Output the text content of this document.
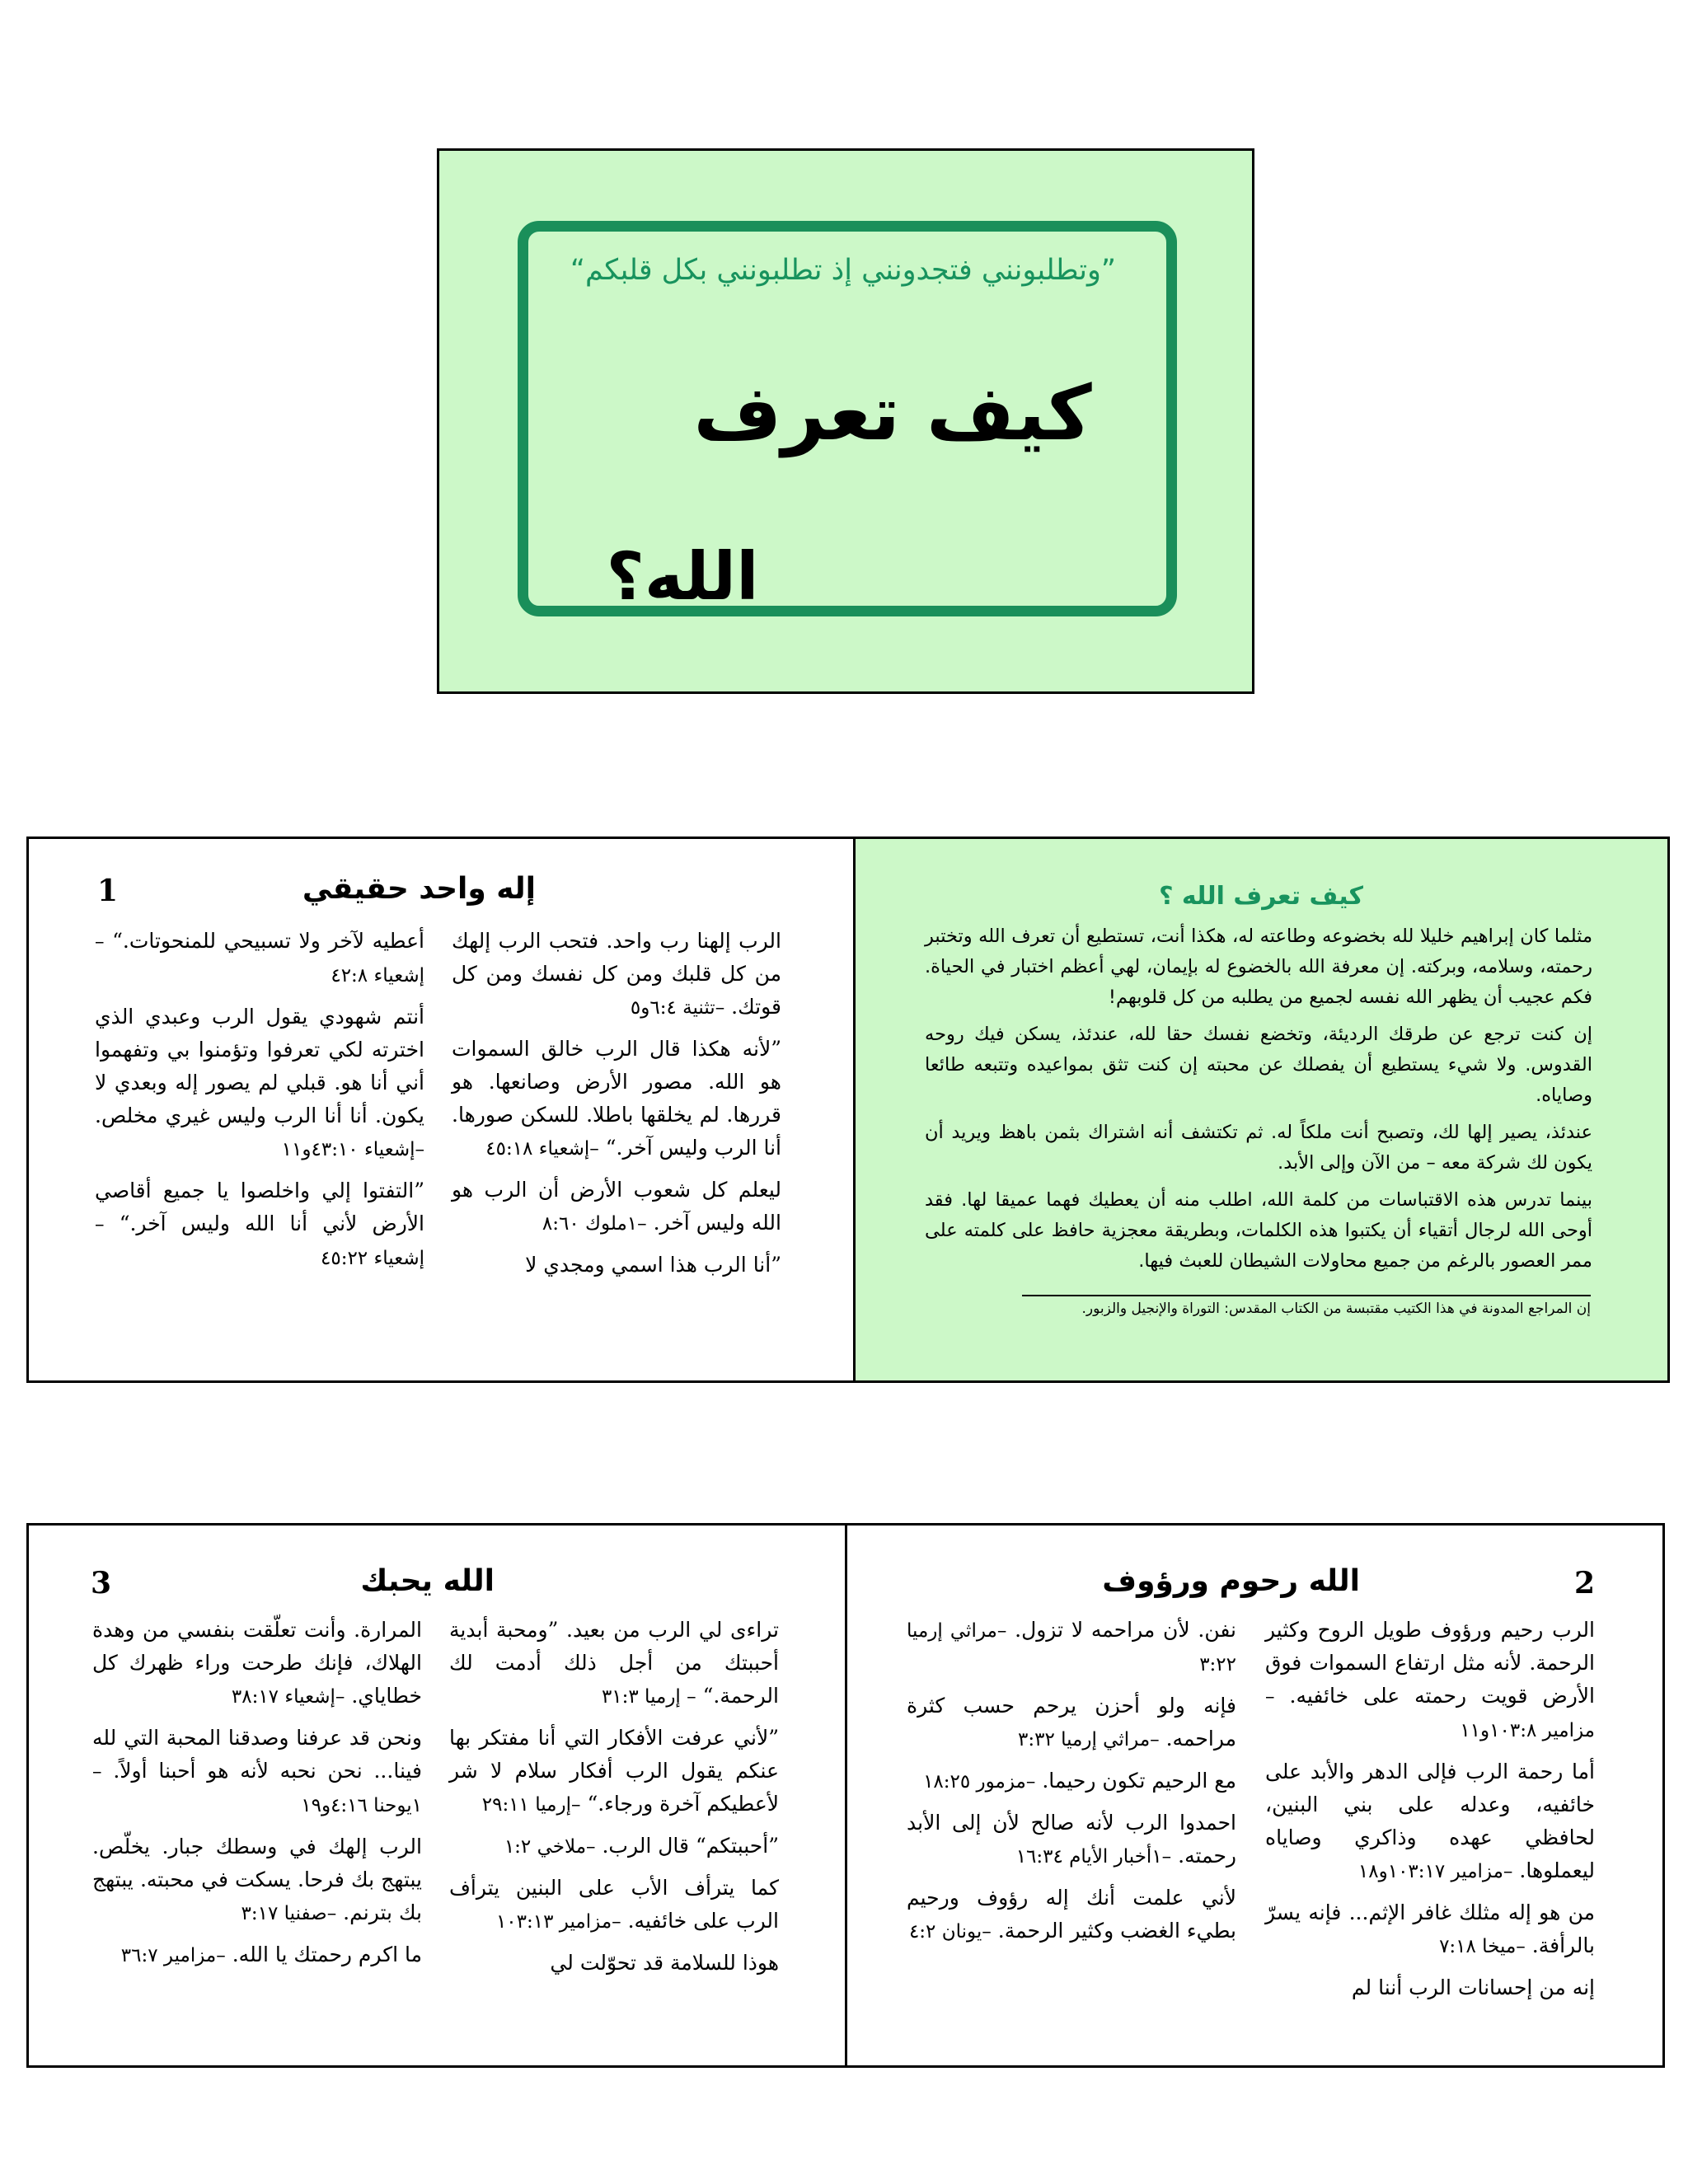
”وتطلبونني فتجدونني إذ تطلبونني بكل قلبكم“
كيف تعرف
الله؟
1	إله واحد حقيقي

الرب إلهنا رب واحد. فتحب الرب إلهك من كل قلبك ومن كل نفسك ومن كل قوتك. –تثنية ٦:٤و٥

”لأنه هكذا قال الرب خالق السموات هو الله. مصور الأرض وصانعها. هو قررها. لم يخلقها باطلا. للسكن صورها. أنا الرب وليس آخر.“ –إشعياء ٤٥:١٨

ليعلم كل شعوب الأرض أن الرب هو الله وليس آخر. –١ملوك ٨:٦٠

”أنا الرب هذا اسمي ومجدي لا

أعطيه لآخر ولا تسبيحي للمنحوتات.“ –إشعياء ٤٢:٨

أنتم شهودي يقول الرب وعبدي الذي اخترته لكي تعرفوا وتؤمنوا بي وتفهموا أني أنا هو. قبلي لم يصور إله وبعدي لا يكون. أنا أنا الرب وليس غيري مخلص. –إشعياء ٤٣:١٠و١١

”التفتوا إلي واخلصوا يا جميع أقاصي الأرض لأني أنا الله وليس آخر.“ –إشعياء ٤٥:٢٢

كيف تعرف الله ؟

مثلما كان إبراهيم خليلا لله بخضوعه وطاعته له، هكذا أنت، تستطيع أن تعرف الله وتختبر رحمته، وسلامه، وبركته. إن معرفة الله بالخضوع له بإيمان، لهي أعظم اختبار في الحياة. فكم عجيب أن يظهر الله نفسه لجميع من يطلبه من كل قلوبهم!

إن كنت ترجع عن طرقك الرديئة، وتخضع نفسك حقا لله، عندئذ، يسكن فيك روحه القدوس. ولا شيء يستطيع أن يفصلك عن محبته إن كنت تثق بمواعيده وتتبعه طائعا وصاياه.

عندئذ، يصير إلها لك، وتصبح أنت ملكاً له. ثم تكتشف أنه اشتراك بثمن باهظ ويريد أن يكون لك شركة معه – من الآن وإلى الأبد.

بينما تدرس هذه الاقتباسات من كلمة الله، اطلب منه أن يعطيك فهما عميقا لها. فقد أوحى الله لرجال أتقياء أن يكتبوا هذه الكلمات، وبطريقة معجزية حافظ على كلمته على ممر العصور بالرغم من جميع محاولات الشيطان للعبث فيها.

إن المراجع المدونة في هذا الكتيب مقتبسة من الكتاب المقدس: التوراة والإنجيل والزبور.
3	الله يحبك

تراءى لي الرب من بعيد. ”ومحبة أبدية أحببتك من أجل ذلك أدمت لك الرحمة.“ – إرميا ٣١:٣

”لأني عرفت الأفكار التي أنا مفتكر بها عنكم يقول الرب أفكار سلام لا شر لأعطيكم آخرة ورجاء.“ –إرميا ٢٩:١١

”أحببتكم“ قال الرب. –ملاخي ١:٢

كما يترأف الأب على البنين يترأف الرب على خائفيه. –مزامير ١٠٣:١٣

هوذا للسلامة قد تحوّلت لي

المرارة. وأنت تعلّقت بنفسي من وهدة الهلاك، فإنك طرحت وراء ظهرك كل خطاياي. –إشعياء ٣٨:١٧

ونحن قد عرفنا وصدقنا المحبة التي لله فينا... نحن نحبه لأنه هو أحبنا أولاً. –١يوحنا ٤:١٦و١٩

الرب إلهك في وسطك جبار. يخلّص. يبتهج بك فرحا. يسكت في محبته. يبتهج بك بترنم. –صفنيا ٣:١٧

ما اكرم رحمتك يا الله. –مزامير ٣٦:٧

2
الله رحوم ورؤوف

الرب رحيم ورؤوف طويل الروح وكثير الرحمة. لأنه مثل ارتفاع السموات فوق الأرض قويت رحمته على خائفيه. –مزامير ١٠٣:٨و١١

أما رحمة الرب فإلى الدهر والأبد على خائفيه، وعدله على بني البنين، لحافظي عهده وذاكري وصاياه ليعملوها. –مزامير ١٠٣:١٧و١٨

من هو إله مثلك غافر الإثم... فإنه يسرّ بالرأفة. –ميخا ٧:١٨

إنه من إحسانات الرب أننا لم

نفن. لأن مراحمه لا تزول. –مراثي إرميا ٣:٢٢

فإنه ولو أحزن يرحم حسب كثرة مراحمه. –مراثي إرميا ٣:٣٢

مع الرحيم تكون رحيما. –مزمور ١٨:٢٥

احمدوا الرب لأنه صالح لأن إلى الأبد رحمته. –١أخبار الأيام ١٦:٣٤

لأني علمت أنك إله رؤوف ورحيم بطيء الغضب وكثير الرحمة. –يونان ٤:٢
